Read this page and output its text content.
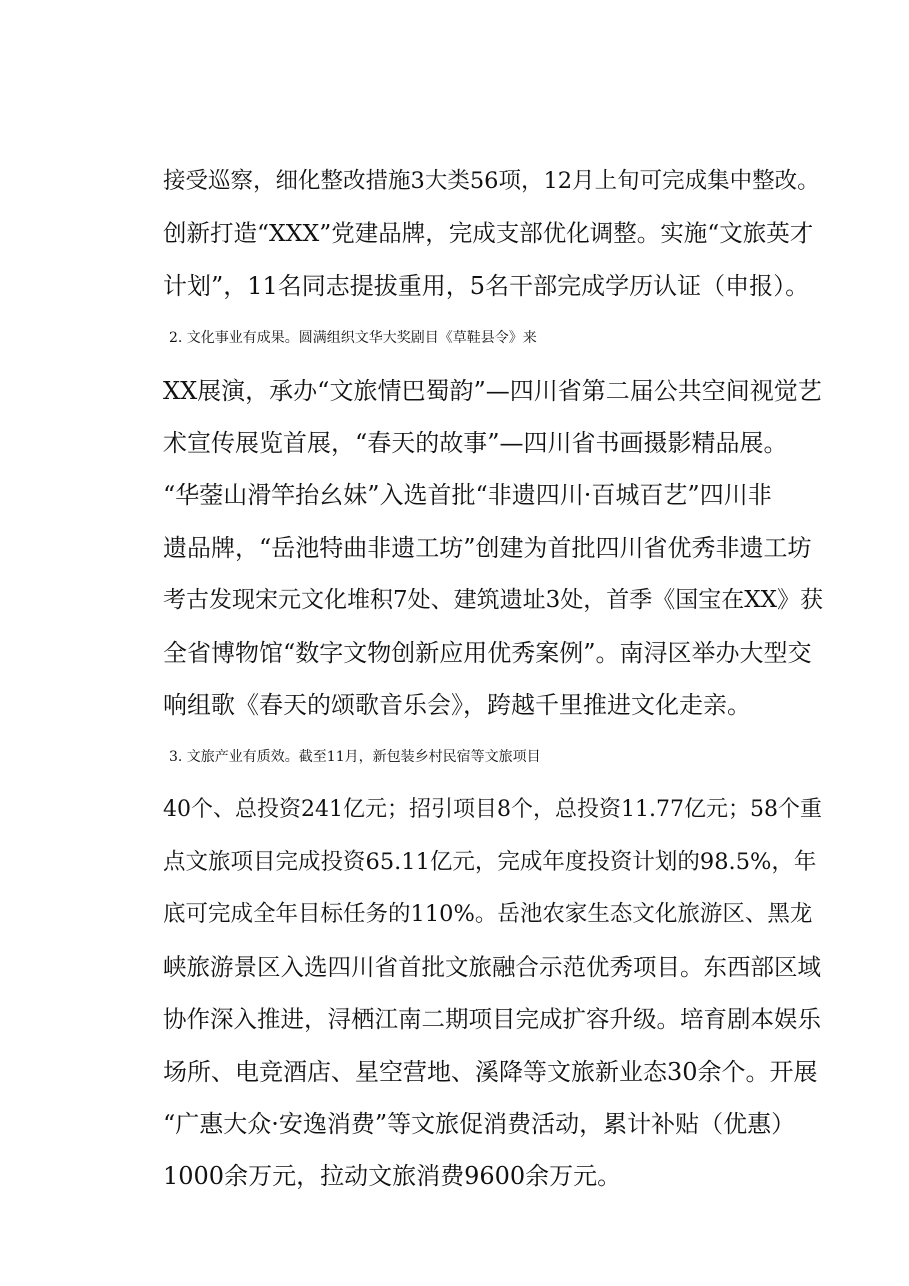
接受巡察，细化整改措施3大类56项，12月上旬可完成集中整改。
创新打造“XXX”党建品牌，完成支部优化调整。实施“文旅英才
计划”，11名同志提拔重用，5名干部完成学历认证（申报）。
2. 文化事业有成果。圆满组织文华大奖剧目《草鞋县令》来
XX展演，承办“文旅情巴蜀韵”—四川省第二届公共空间视觉艺
术宣传展览首展，“春天的故事”—四川省书画摄影精品展。
“华蓥山滑竿抬幺妹”入选首批“非遗四川·百城百艺”四川非
遗品牌，“岳池特曲非遗工坊”创建为首批四川省优秀非遗工坊
考古发现宋元文化堆积7处、建筑遗址3处，首季《国宝在XX》获
全省博物馆“数字文物创新应用优秀案例”。南浔区举办大型交
响组歌《春天的颂歌音乐会》，跨越千里推进文化走亲。
3. 文旅产业有质效。截至11月，新包装乡村民宿等文旅项目
40个、总投资241亿元；招引项目8个，总投资11.77亿元；58个重
点文旅项目完成投资65.11亿元，完成年度投资计划的98.5%，年
底可完成全年目标任务的110%。岳池农家生态文化旅游区、黑龙
峡旅游景区入选四川省首批文旅融合示范优秀项目。东西部区域
协作深入推进，浔栖江南二期项目完成扩容升级。培育剧本娱乐
场所、电竞酒店、星空营地、溪降等文旅新业态30余个。开展
“广惠大众·安逸消费”等文旅促消费活动，累计补贴（优惠）
1000余万元，拉动文旅消费9600余万元。
